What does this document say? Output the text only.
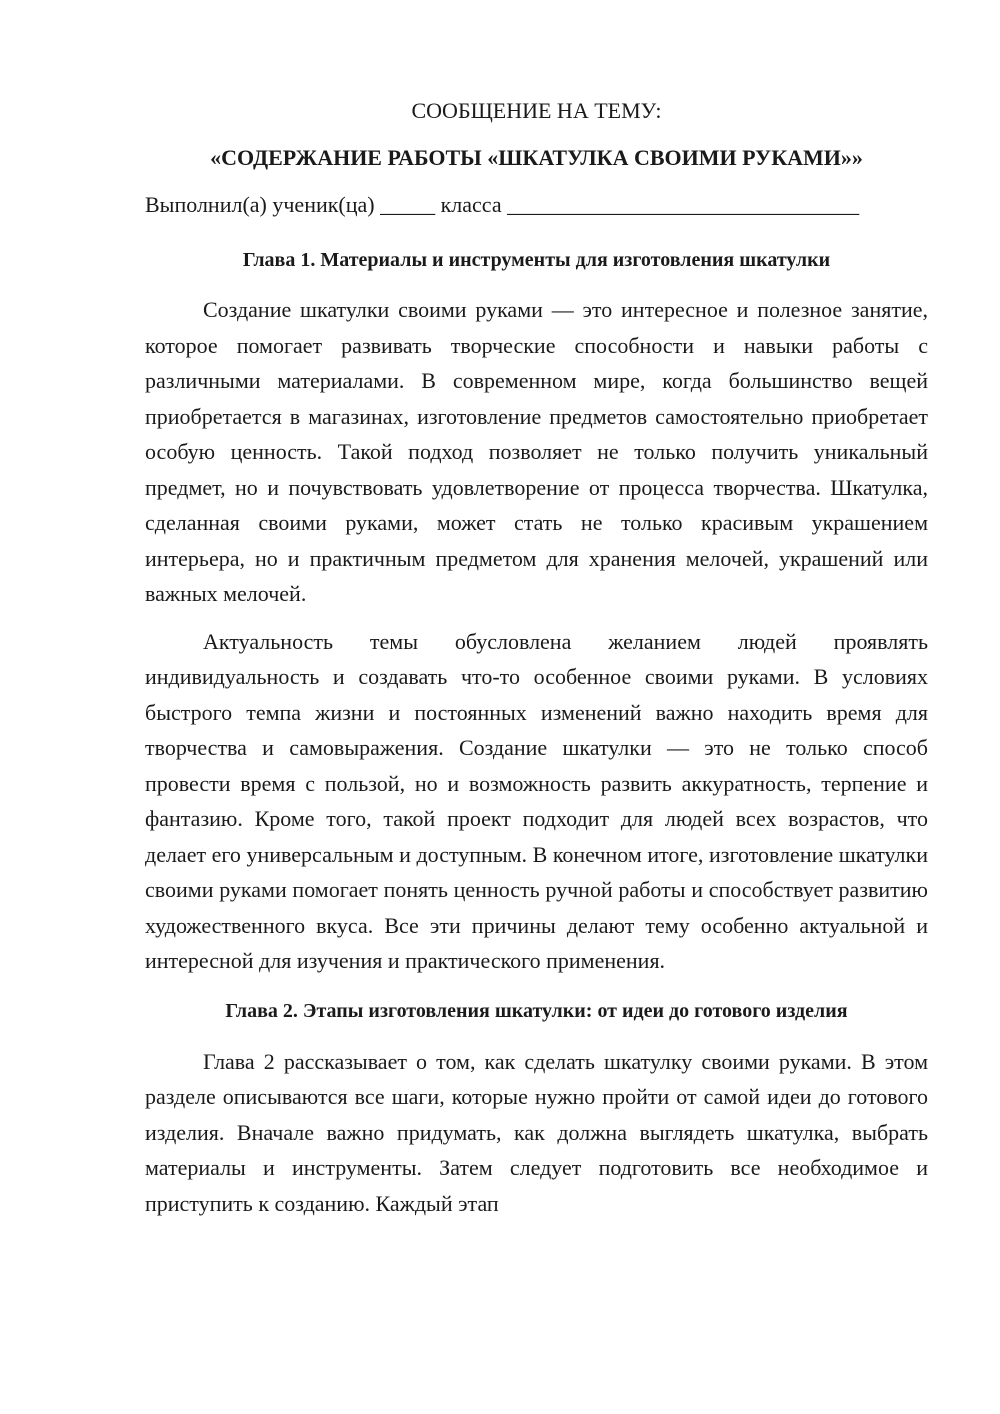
СООБЩЕНИЕ НА ТЕМУ:
«СОДЕРЖАНИЕ РАБОТЫ «ШКАТУЛКА СВОИМИ РУКАМИ»»
Выполнил(а) ученик(ца) _____ класса ________________________________
Глава 1. Материалы и инструменты для изготовления шкатулки

Создание шкатулки своими руками — это интересное и полезное занятие, которое помогает развивать творческие способности и навыки работы с различными материалами. В современном мире, когда большинство вещей приобретается в магазинах, изготовление предметов самостоятельно приобретает особую ценность. Такой подход позволяет не только получить уникальный предмет, но и почувствовать удовлетворение от процесса творчества. Шкатулка, сделанная своими руками, может стать не только красивым украшением интерьера, но и практичным предметом для хранения мелочей, украшений или важных мелочей.

Актуальность темы обусловлена желанием людей проявлять индивидуальность и создавать что-то особенное своими руками. В условиях быстрого темпа жизни и постоянных изменений важно находить время для творчества и самовыражения. Создание шкатулки — это не только способ провести время с пользой, но и возможность развить аккуратность, терпение и фантазию. Кроме того, такой проект подходит для людей всех возрастов, что делает его универсальным и доступным. В конечном итоге, изготовление шкатулки своими руками помогает понять ценность ручной работы и способствует развитию художественного вкуса. Все эти причины делают тему особенно актуальной и интересной для изучения и практического применения.

Глава 2. Этапы изготовления шкатулки: от идеи до готового изделия

Глава 2 рассказывает о том, как сделать шкатулку своими руками. В этом разделе описываются все шаги, которые нужно пройти от самой идеи до готового изделия. Вначале важно придумать, как должна выглядеть шкатулка, выбрать материалы и инструменты. Затем следует подготовить все необходимое и приступить к созданию. Каждый этап
